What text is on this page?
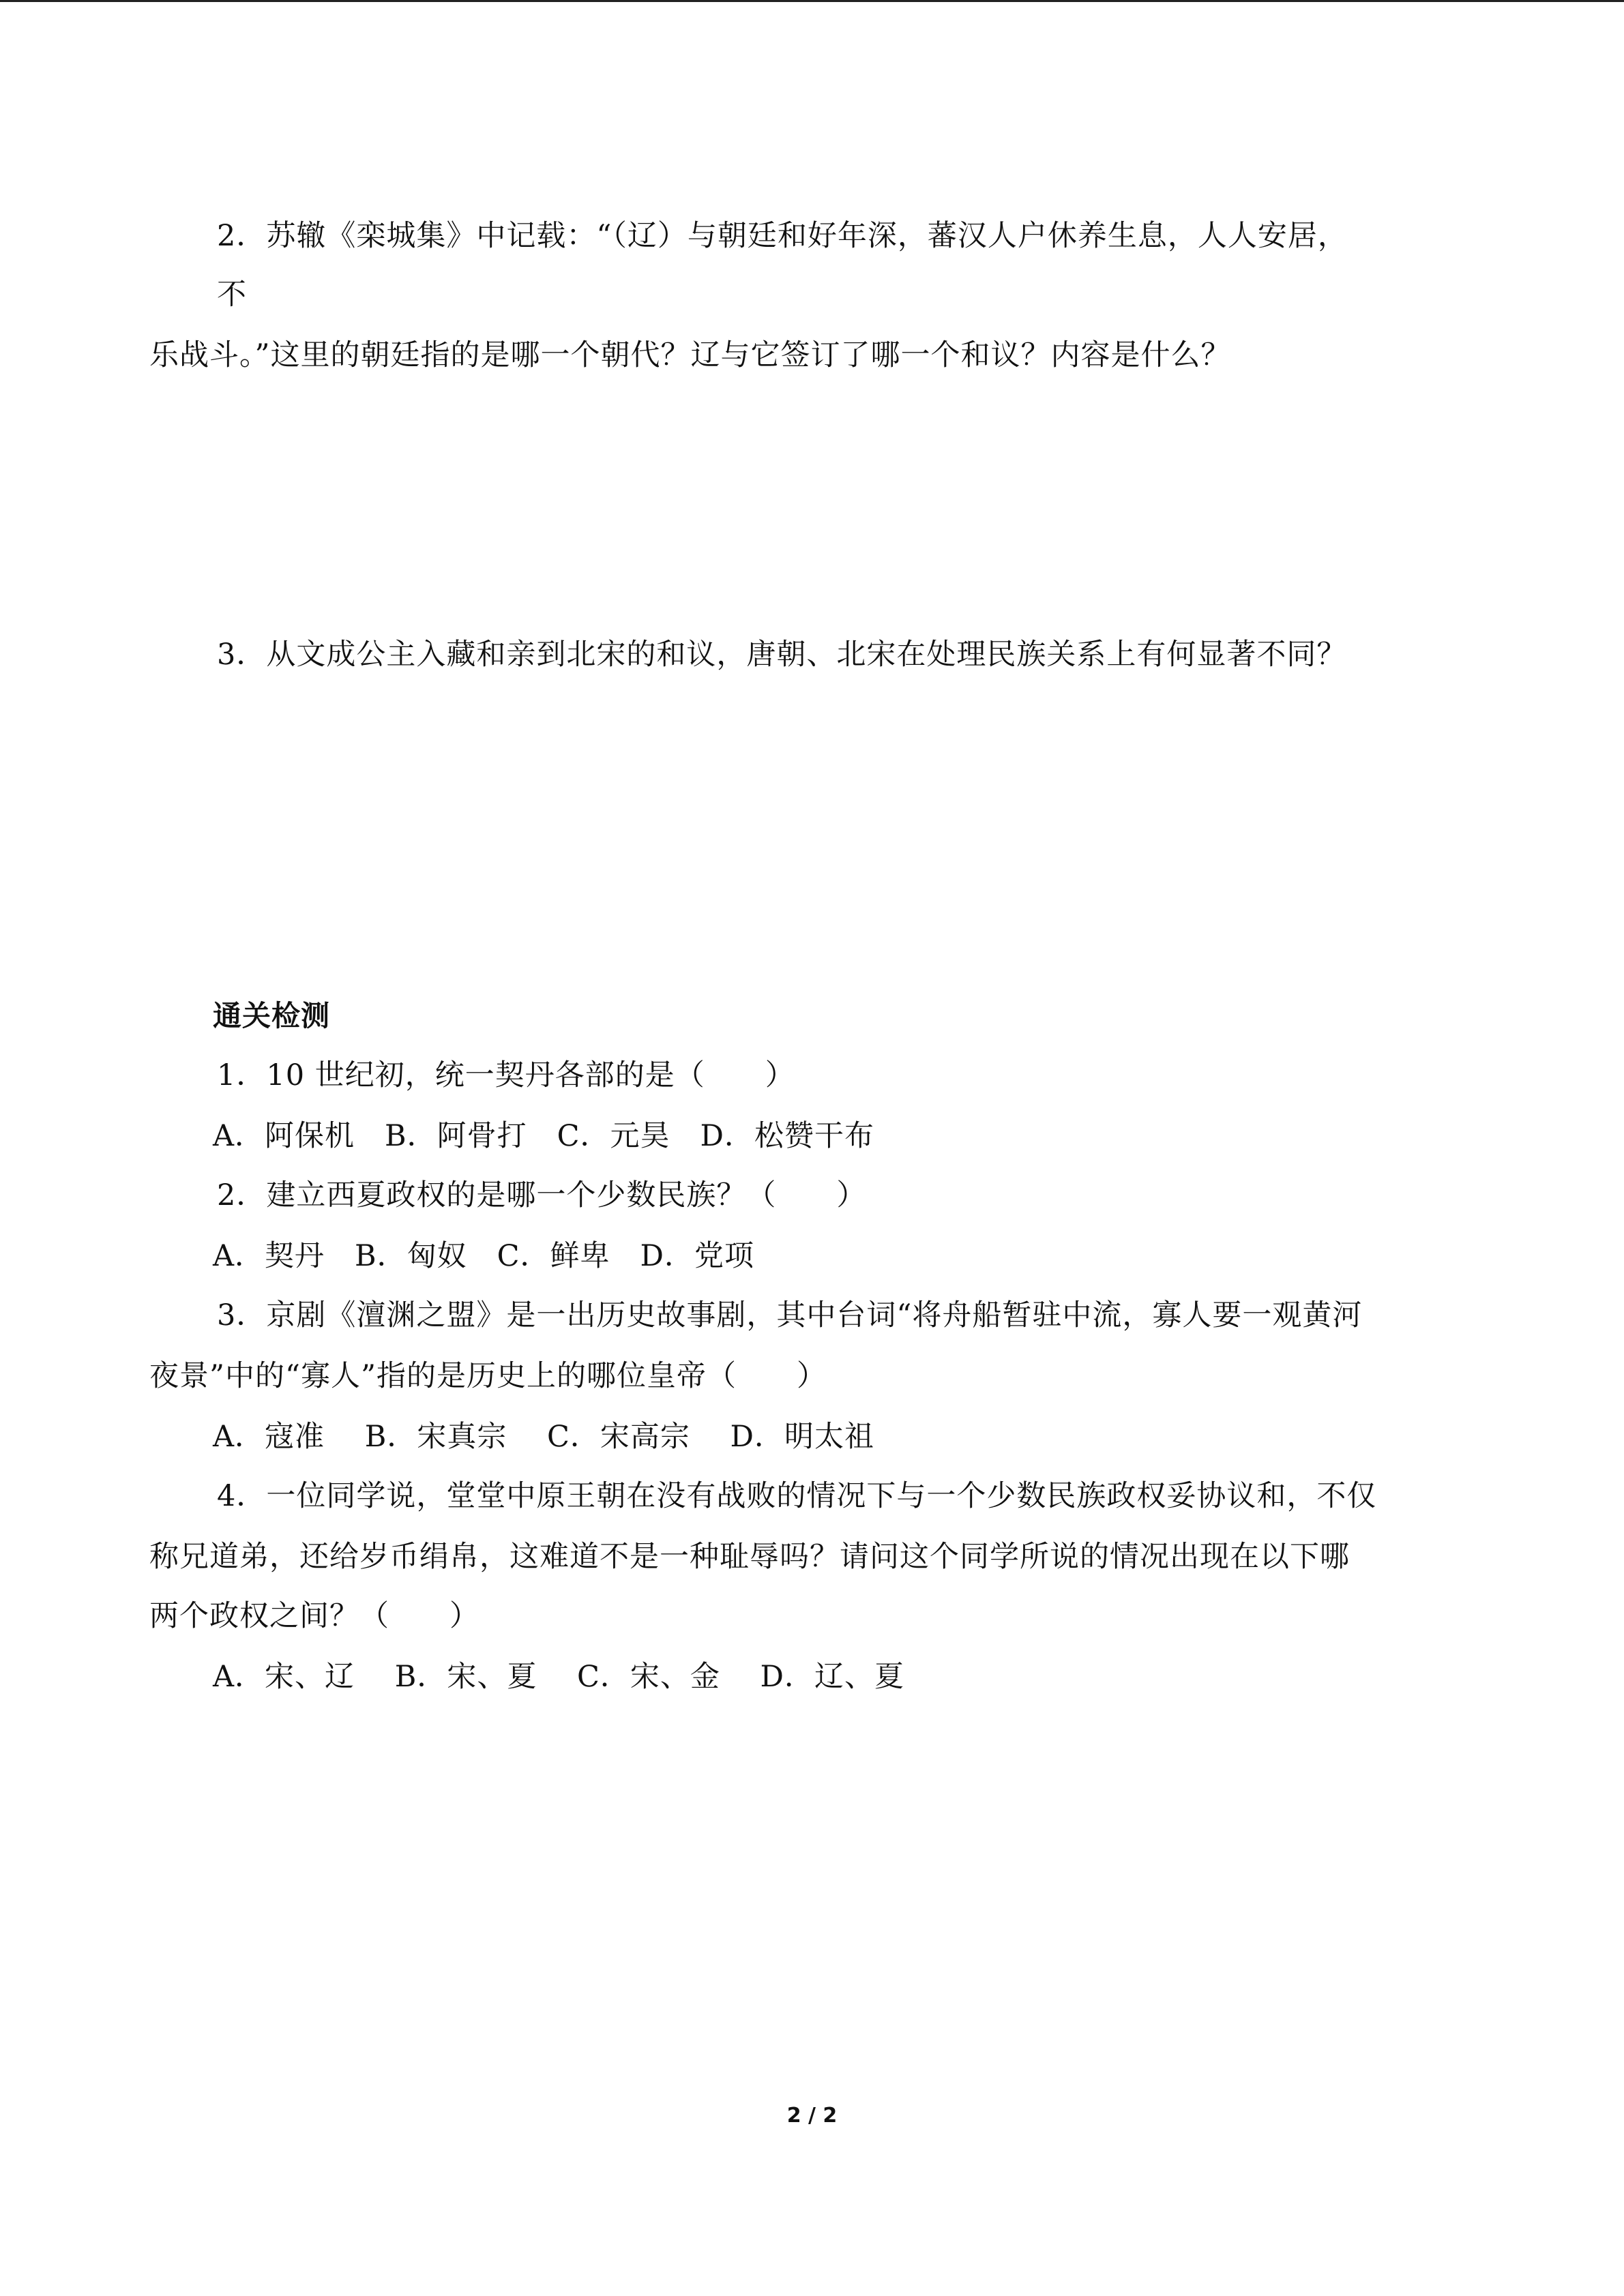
2．苏辙《栾城集》中记载：“（辽）与朝廷和好年深，蕃汉人户休养生息，人人安居，
不
乐战斗。”这里的朝廷指的是哪一个朝代？辽与它签订了哪一个和议？内容是什么？
3．从文成公主入藏和亲到北宋的和议，唐朝、北宋在处理民族关系上有何显著不同？
通关检测
1．10 世纪初，统一契丹各部的是（　　）
A．阿保机　B．阿骨打　C．元昊　D．松赞干布
2．建立西夏政权的是哪一个少数民族？（　　）
A．契丹　B．匈奴　C．鲜卑　D．党项
3．京剧《澶渊之盟》是一出历史故事剧，其中台词“将舟船暂驻中流，寡人要一观黄河
夜景”中的“寡人”指的是历史上的哪位皇帝（　　）
A．寇准　 B．宋真宗　 C．宋高宗　 D．明太祖
4．一位同学说，堂堂中原王朝在没有战败的情况下与一个少数民族政权妥协议和，不仅
称兄道弟，还给岁币绢帛，这难道不是一种耻辱吗？请问这个同学所说的情况出现在以下哪
两个政权之间？（　　）
A．宋、辽　 B．宋、夏　 C．宋、金　 D．辽、夏
2 / 2
